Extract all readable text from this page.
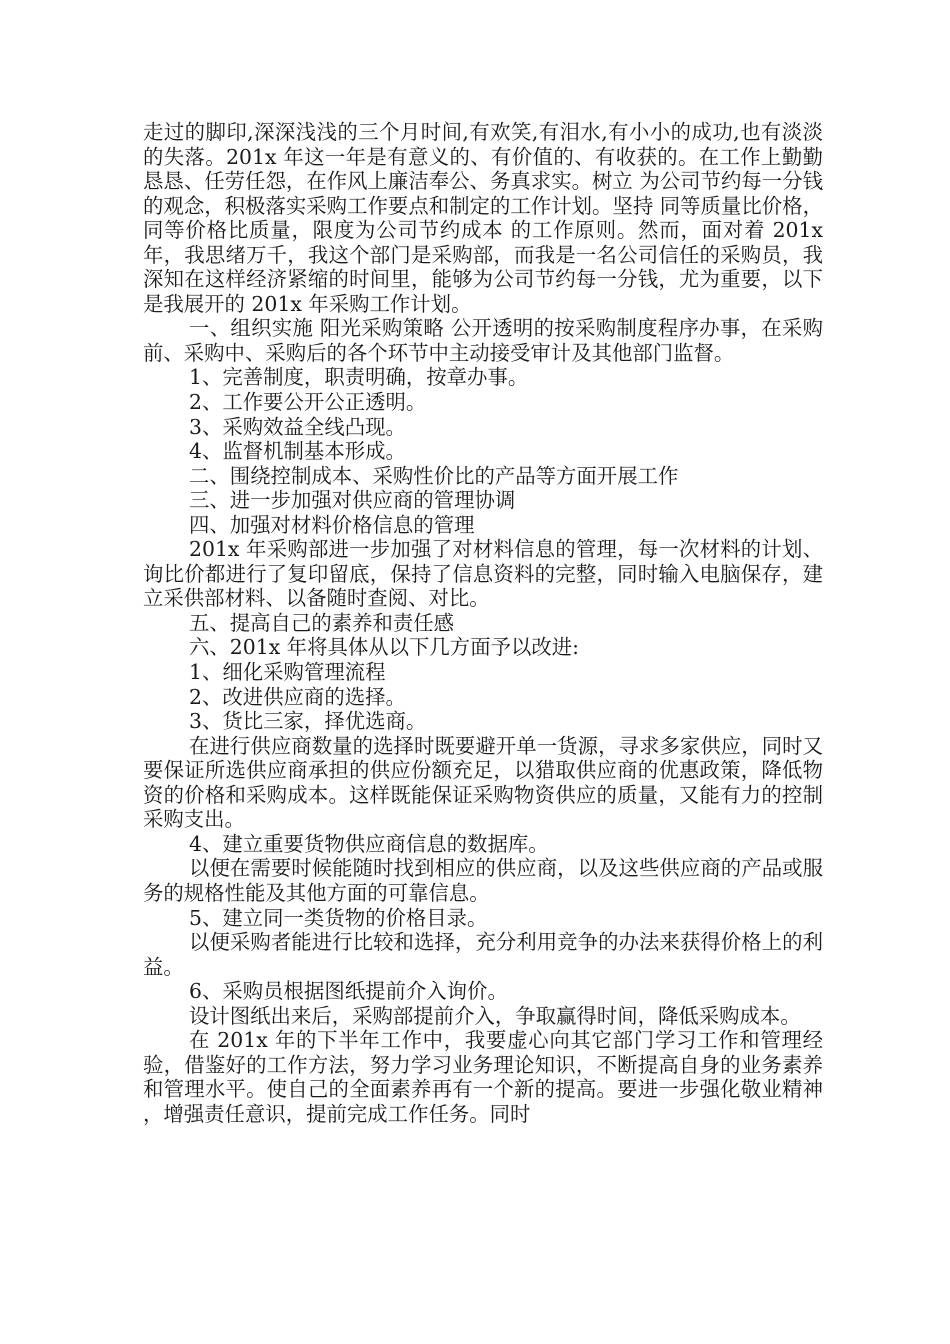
走过的脚印,深深浅浅的三个月时间,有欢笑,有泪水,有小小的成功,也有淡淡的失落。201x 年这一年是有意义的、有价值的、有收获的。在工作上勤勤恳恳、任劳任怨，在作风上廉洁奉公、务真求实。树立 为公司节约每一分钱 的观念，积极落实采购工作要点和制定的工作计划。坚持 同等质量比价格，同等价格比质量，限度为公司节约成本 的工作原则。然而，面对着 201x 年，我思绪万千，我这个部门是采购部，而我是一名公司信任的采购员，我深知在这样经济紧缩的时间里，能够为公司节约每一分钱，尤为重要，以下是我展开的 201x 年采购工作计划。

一、组织实施 阳光采购策略 公开透明的按采购制度程序办事，在采购前、采购中、采购后的各个环节中主动接受审计及其他部门监督。

1、完善制度，职责明确，按章办事。

2、工作要公开公正透明。

3、采购效益全线凸现。

4、监督机制基本形成。

二、围绕控制成本、采购性价比的产品等方面开展工作

三、进一步加强对供应商的管理协调

四、加强对材料价格信息的管理

201x 年采购部进一步加强了对材料信息的管理，每一次材料的计划、询比价都进行了复印留底，保持了信息资料的完整，同时输入电脑保存，建立采供部材料、以备随时查阅、对比。

五、提高自己的素养和责任感

六、201x 年将具体从以下几方面予以改进:

1、细化采购管理流程

2、改进供应商的选择。

3、货比三家，择优选商。

在进行供应商数量的选择时既要避开单一货源，寻求多家供应，同时又要保证所选供应商承担的供应份额充足，以猎取供应商的优惠政策，降低物资的价格和采购成本。这样既能保证采购物资供应的质量，又能有力的控制采购支出。

4、建立重要货物供应商信息的数据库。

以便在需要时候能随时找到相应的供应商，以及这些供应商的产品或服务的规格性能及其他方面的可靠信息。

5、建立同一类货物的价格目录。

以便采购者能进行比较和选择，充分利用竞争的办法来获得价格上的利益。

6、采购员根据图纸提前介入询价。

设计图纸出来后，采购部提前介入，争取赢得时间，降低采购成本。

在 201x 年的下半年工作中，我要虚心向其它部门学习工作和管理经验，借鉴好的工作方法，努力学习业务理论知识，不断提高自身的业务素养和管理水平。使自己的全面素养再有一个新的提高。要进一步强化敬业精神，增强责任意识，提前完成工作任务。同时
